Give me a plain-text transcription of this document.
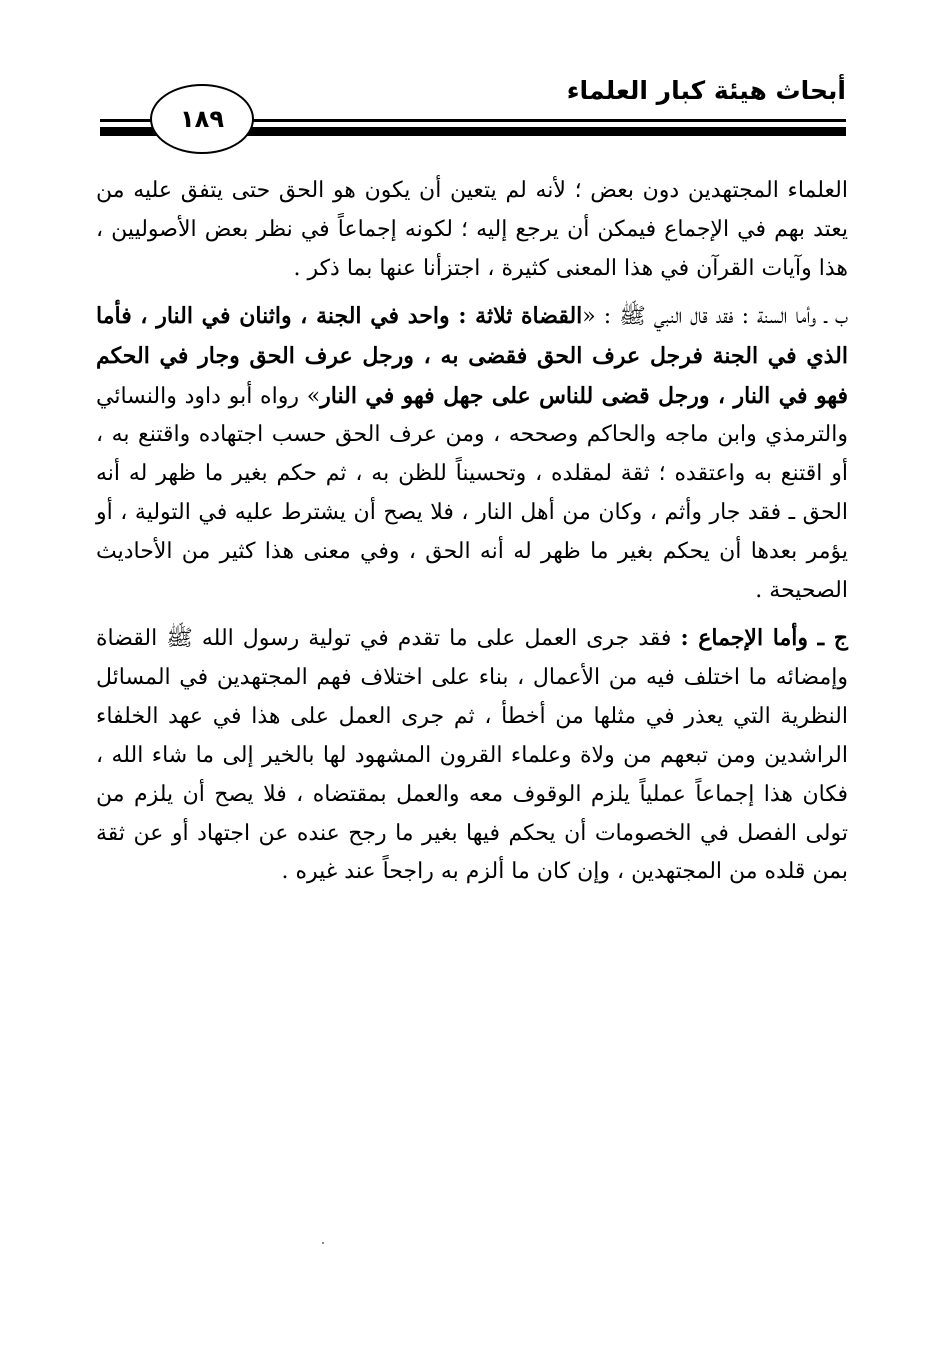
أبحاث هيئة كبار العلماء
١٨٩

العلماء المجتهدين دون بعض ؛ لأنه لم يتعين أن يكون هو الحق حتى يتفق عليه من يعتد بهم في الإجماع فيمكن أن يرجع إليه ؛ لكونه إجماعاً في نظر بعض الأصوليين ، هذا وآيات القرآن في هذا المعنى كثيرة ، اجتزأنا عنها بما ذكر .

ب ـ وأما السنة : فقد قال النبي ﷺ : «القضاة ثلاثة : واحد في الجنة ، واثنان في النار ، فأما الذي في الجنة فرجل عرف الحق فقضى به ، ورجل عرف الحق وجار في الحكم فهو في النار ، ورجل قضى للناس على جهل فهو في النار» رواه أبو داود والنسائي والترمذي وابن ماجه والحاكم وصححه ، ومن عرف الحق حسب اجتهاده واقتنع به ، أو اقتنع به واعتقده ؛ ثقة لمقلده ، وتحسيناً للظن به ، ثم حكم بغير ما ظهر له أنه الحق ـ فقد جار وأثم ، وكان من أهل النار ، فلا يصح أن يشترط عليه في التولية ، أو يؤمر بعدها أن يحكم بغير ما ظهر له أنه الحق ، وفي معنى هذا كثير من الأحاديث الصحيحة .

ج ـ وأما الإجماع : فقد جرى العمل على ما تقدم في تولية رسول الله ﷺ القضاة وإمضائه ما اختلف فيه من الأعمال ، بناء على اختلاف فهم المجتهدين في المسائل النظرية التي يعذر في مثلها من أخطأ ، ثم جرى العمل على هذا في عهد الخلفاء الراشدين ومن تبعهم من ولاة وعلماء القرون المشهود لها بالخير إلى ما شاء الله ، فكان هذا إجماعاً عملياً يلزم الوقوف معه والعمل بمقتضاه ، فلا يصح أن يلزم من تولى الفصل في الخصومات أن يحكم فيها بغير ما رجح عنده عن اجتهاد أو عن ثقة بمن قلده من المجتهدين ، وإن كان ما ألزم به راجحاً عند غيره .
